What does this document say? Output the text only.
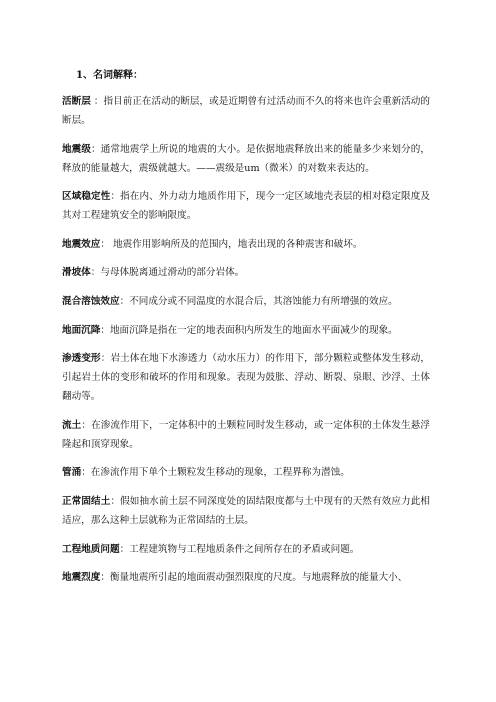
1、名词解释：

活断层 ：指目前正在活动的断层，或是近期曾有过活动而不久的将来也许会重新活动的断层。

地震级：通常地震学上所说的地震的大小。是依据地震释放出来的能量多少来划分的，释放的能量越大，震级就越大。——震级是um（微米）的对数来表达的。

区域稳定性：指在内、外力动力地质作用下，现今一定区域地壳表层的相对稳定限度及其对工程建筑安全的影响限度。

地震效应： 地震作用影响所及的范围内，地表出现的各种震害和破坏。

滑坡体：与母体脱离通过滑动的部分岩体。

混合溶蚀效应：不同成分或不同温度的水混合后，其溶蚀能力有所增强的效应。

地面沉降：地面沉降是指在一定的地表面积内所发生的地面水平面减少的现象。

渗透变形：岩土体在地下水渗透力（动水压力）的作用下，部分颗粒或整体发生移动，引起岩土体的变形和破坏的作用和现象。表现为鼓胀、浮动、断裂、泉眼、沙浮、土体翻动等。

流土：在渗流作用下，一定体积中的土颗粒同时发生移动，或一定体积的土体发生悬浮隆起和顶穿现象。

管涌：在渗流作用下单个土颗粒发生移动的现象，工程界称为潜蚀。

正常固结土：假如抽水前土层不同深度处的固结限度都与土中现有的天然有效应力此相适应，那么这种土层就称为正常固结的土层。

工程地质问题：工程建筑物与工程地质条件之间所存在的矛盾或问题。

地震烈度：衡量地震所引起的地面震动强烈限度的尺度。与地震释放的能量大小、
